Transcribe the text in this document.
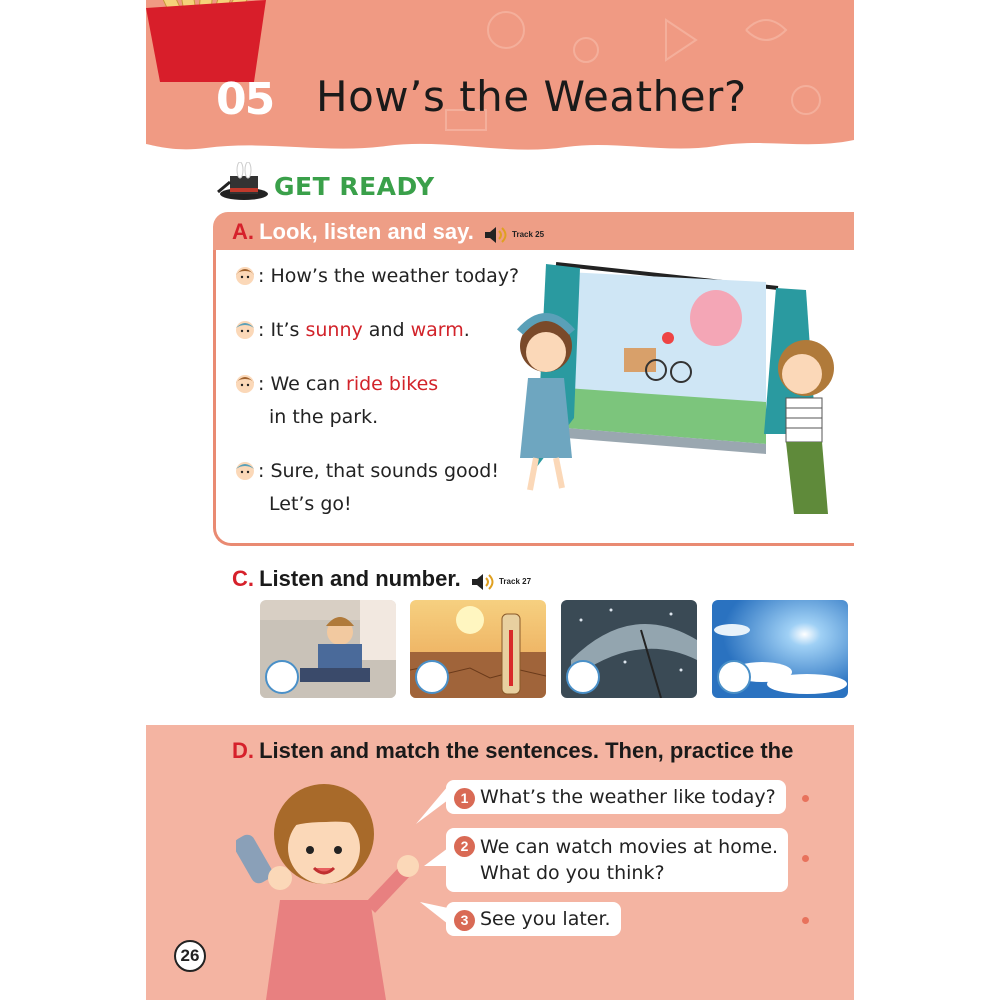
05	How’s the Weather?
GET READY
A. Look, listen and say.	Track 25
: How’s the weather today?
: It’s sunny and warm.
: We can ride bikes
in the park.
: Sure, that sounds good!
Let’s go!
C. Listen and number.	Track 27
D. Listen and match the sentences. Then, practice the
1 What’s the weather like today?
2 We can watch movies at home.
What do you think?
3 See you later.
26
